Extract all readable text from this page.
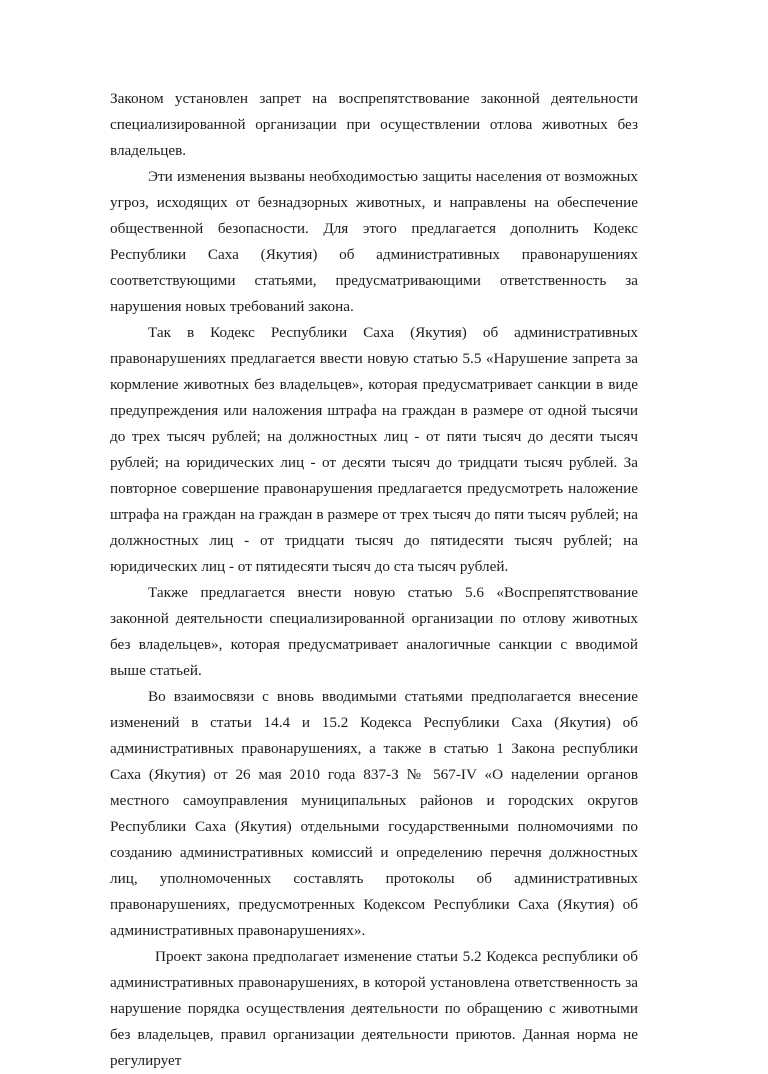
Законом установлен запрет на воспрепятствование законной деятельности специализированной организации при осуществлении отлова животных без владельцев.

Эти изменения вызваны необходимостью защиты населения от возможных угроз, исходящих от безнадзорных животных, и направлены на обеспечение общественной безопасности. Для этого предлагается дополнить Кодекс Республики Саха (Якутия) об административных правонарушениях соответствующими статьями, предусматривающими ответственность за нарушения новых требований закона.

Так в Кодекс Республики Саха (Якутия) об административных правонарушениях предлагается ввести новую статью 5.5 «Нарушение запрета за кормление животных без владельцев», которая предусматривает санкции в виде предупреждения или наложения штрафа на граждан в размере от одной тысячи до трех тысяч рублей; на должностных лиц - от пяти тысяч до десяти тысяч рублей; на юридических лиц - от десяти тысяч до тридцати тысяч рублей. За повторное совершение правонарушения предлагается предусмотреть наложение штрафа на граждан на граждан в размере от трех тысяч до пяти тысяч рублей; на должностных лиц - от тридцати тысяч до пятидесяти тысяч рублей; на юридических лиц - от пятидесяти тысяч до ста тысяч рублей.

Также предлагается внести новую статью 5.6 «Воспрепятствование законной деятельности специализированной организации по отлову животных без владельцев», которая предусматривает аналогичные санкции с вводимой выше статьей.

Во взаимосвязи с вновь вводимыми статьями предполагается внесение изменений в статьи 14.4 и 15.2 Кодекса Республики Саха (Якутия) об административных правонарушениях, а также в статью 1 Закона республики Саха (Якутия) от 26 мая 2010 года 837-З № 567-IV «О наделении органов местного самоуправления муниципальных районов и городских округов Республики Саха (Якутия) отдельными государственными полномочиями по созданию административных комиссий и определению перечня должностных лиц, уполномоченных составлять протоколы об административных правонарушениях, предусмотренных Кодексом Республики Саха (Якутия) об административных правонарушениях».

Проект закона предполагает изменение статьи 5.2 Кодекса республики об административных правонарушениях, в которой установлена ответственность за нарушение порядка осуществления деятельности по обращению с животными без владельцев, правил организации деятельности приютов. Данная норма не регулирует
